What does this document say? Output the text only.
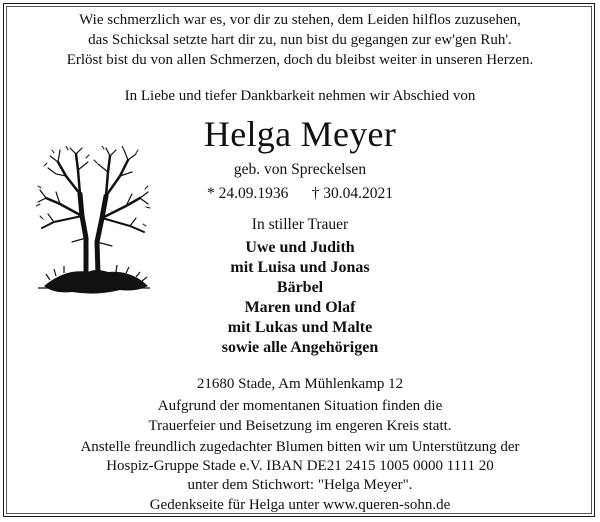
Wie schmerzlich war es, vor dir zu stehen, dem Leiden hilflos zuzusehen,
das Schicksal setzte hart dir zu, nun bist du gegangen zur ew'gen Ruh'.
Erlöst bist du von allen Schmerzen, doch du bleibst weiter in unseren Herzen.
In Liebe und tiefer Dankbarkeit nehmen wir Abschied von
Helga Meyer
geb. von Spreckelsen
* 24.09.1936      † 30.04.2021
In stiller Trauer
Uwe und Judith
mit Luisa und Jonas
Bärbel
Maren und Olaf
mit Lukas und Malte
sowie alle Angehörigen
21680 Stade, Am Mühlenkamp 12
Aufgrund der momentanen Situation finden die
Trauerfeier und Beisetzung im engeren Kreis statt.
Anstelle freundlich zugedachter Blumen bitten wir um Unterstützung der
Hospiz-Gruppe Stade e.V. IBAN DE21 2415 1005 0000 1111 20
unter dem Stichwort: "Helga Meyer".
Gedenkseite für Helga unter www.queren-sohn.de
